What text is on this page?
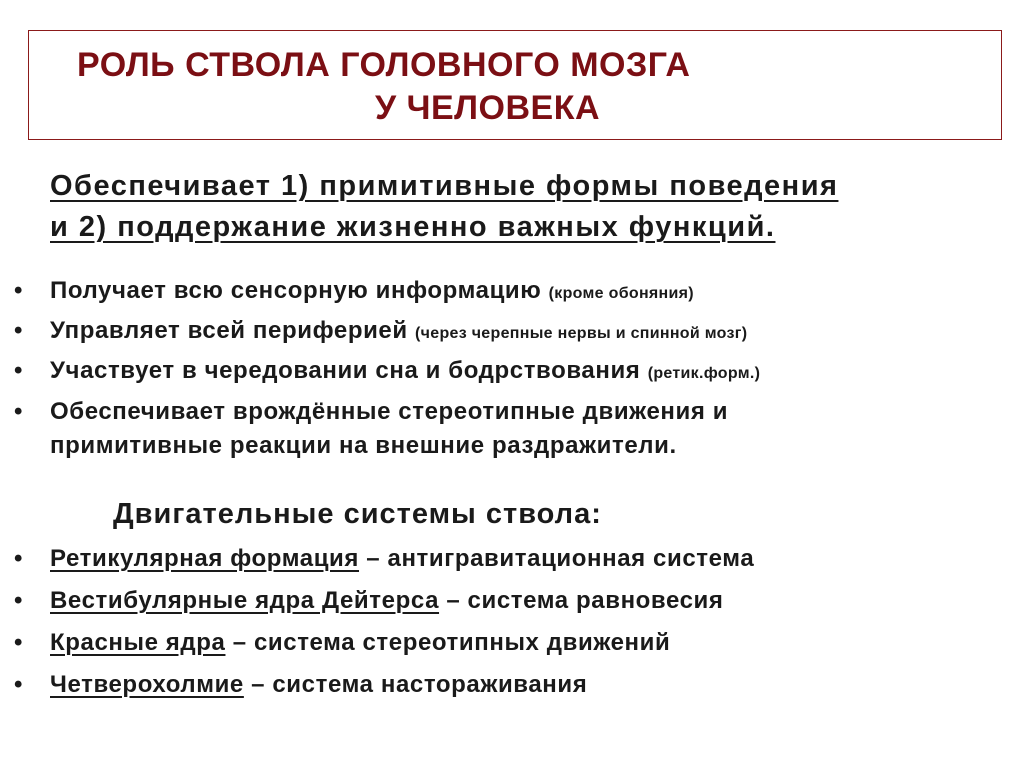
РОЛЬ СТВОЛА ГОЛОВНОГО МОЗГА
У ЧЕЛОВЕКА
Обеспечивает 1) примитивные формы поведения
и 2) поддержание жизненно важных функций.
• Получает всю сенсорную информацию (кроме обоняния)
• Управляет всей периферией (через черепные нервы и спинной мозг)
• Участвует в чередовании сна и бодрствования (ретик.форм.)
• Обеспечивает врождённые стереотипные движения и
примитивные реакции на внешние раздражители.
Двигательные системы ствола:
• Ретикулярная формация – антигравитационная система
• Вестибулярные ядра Дейтерса – система равновесия
• Красные ядра – система стереотипных движений
• Четверохолмие – система настораживания
